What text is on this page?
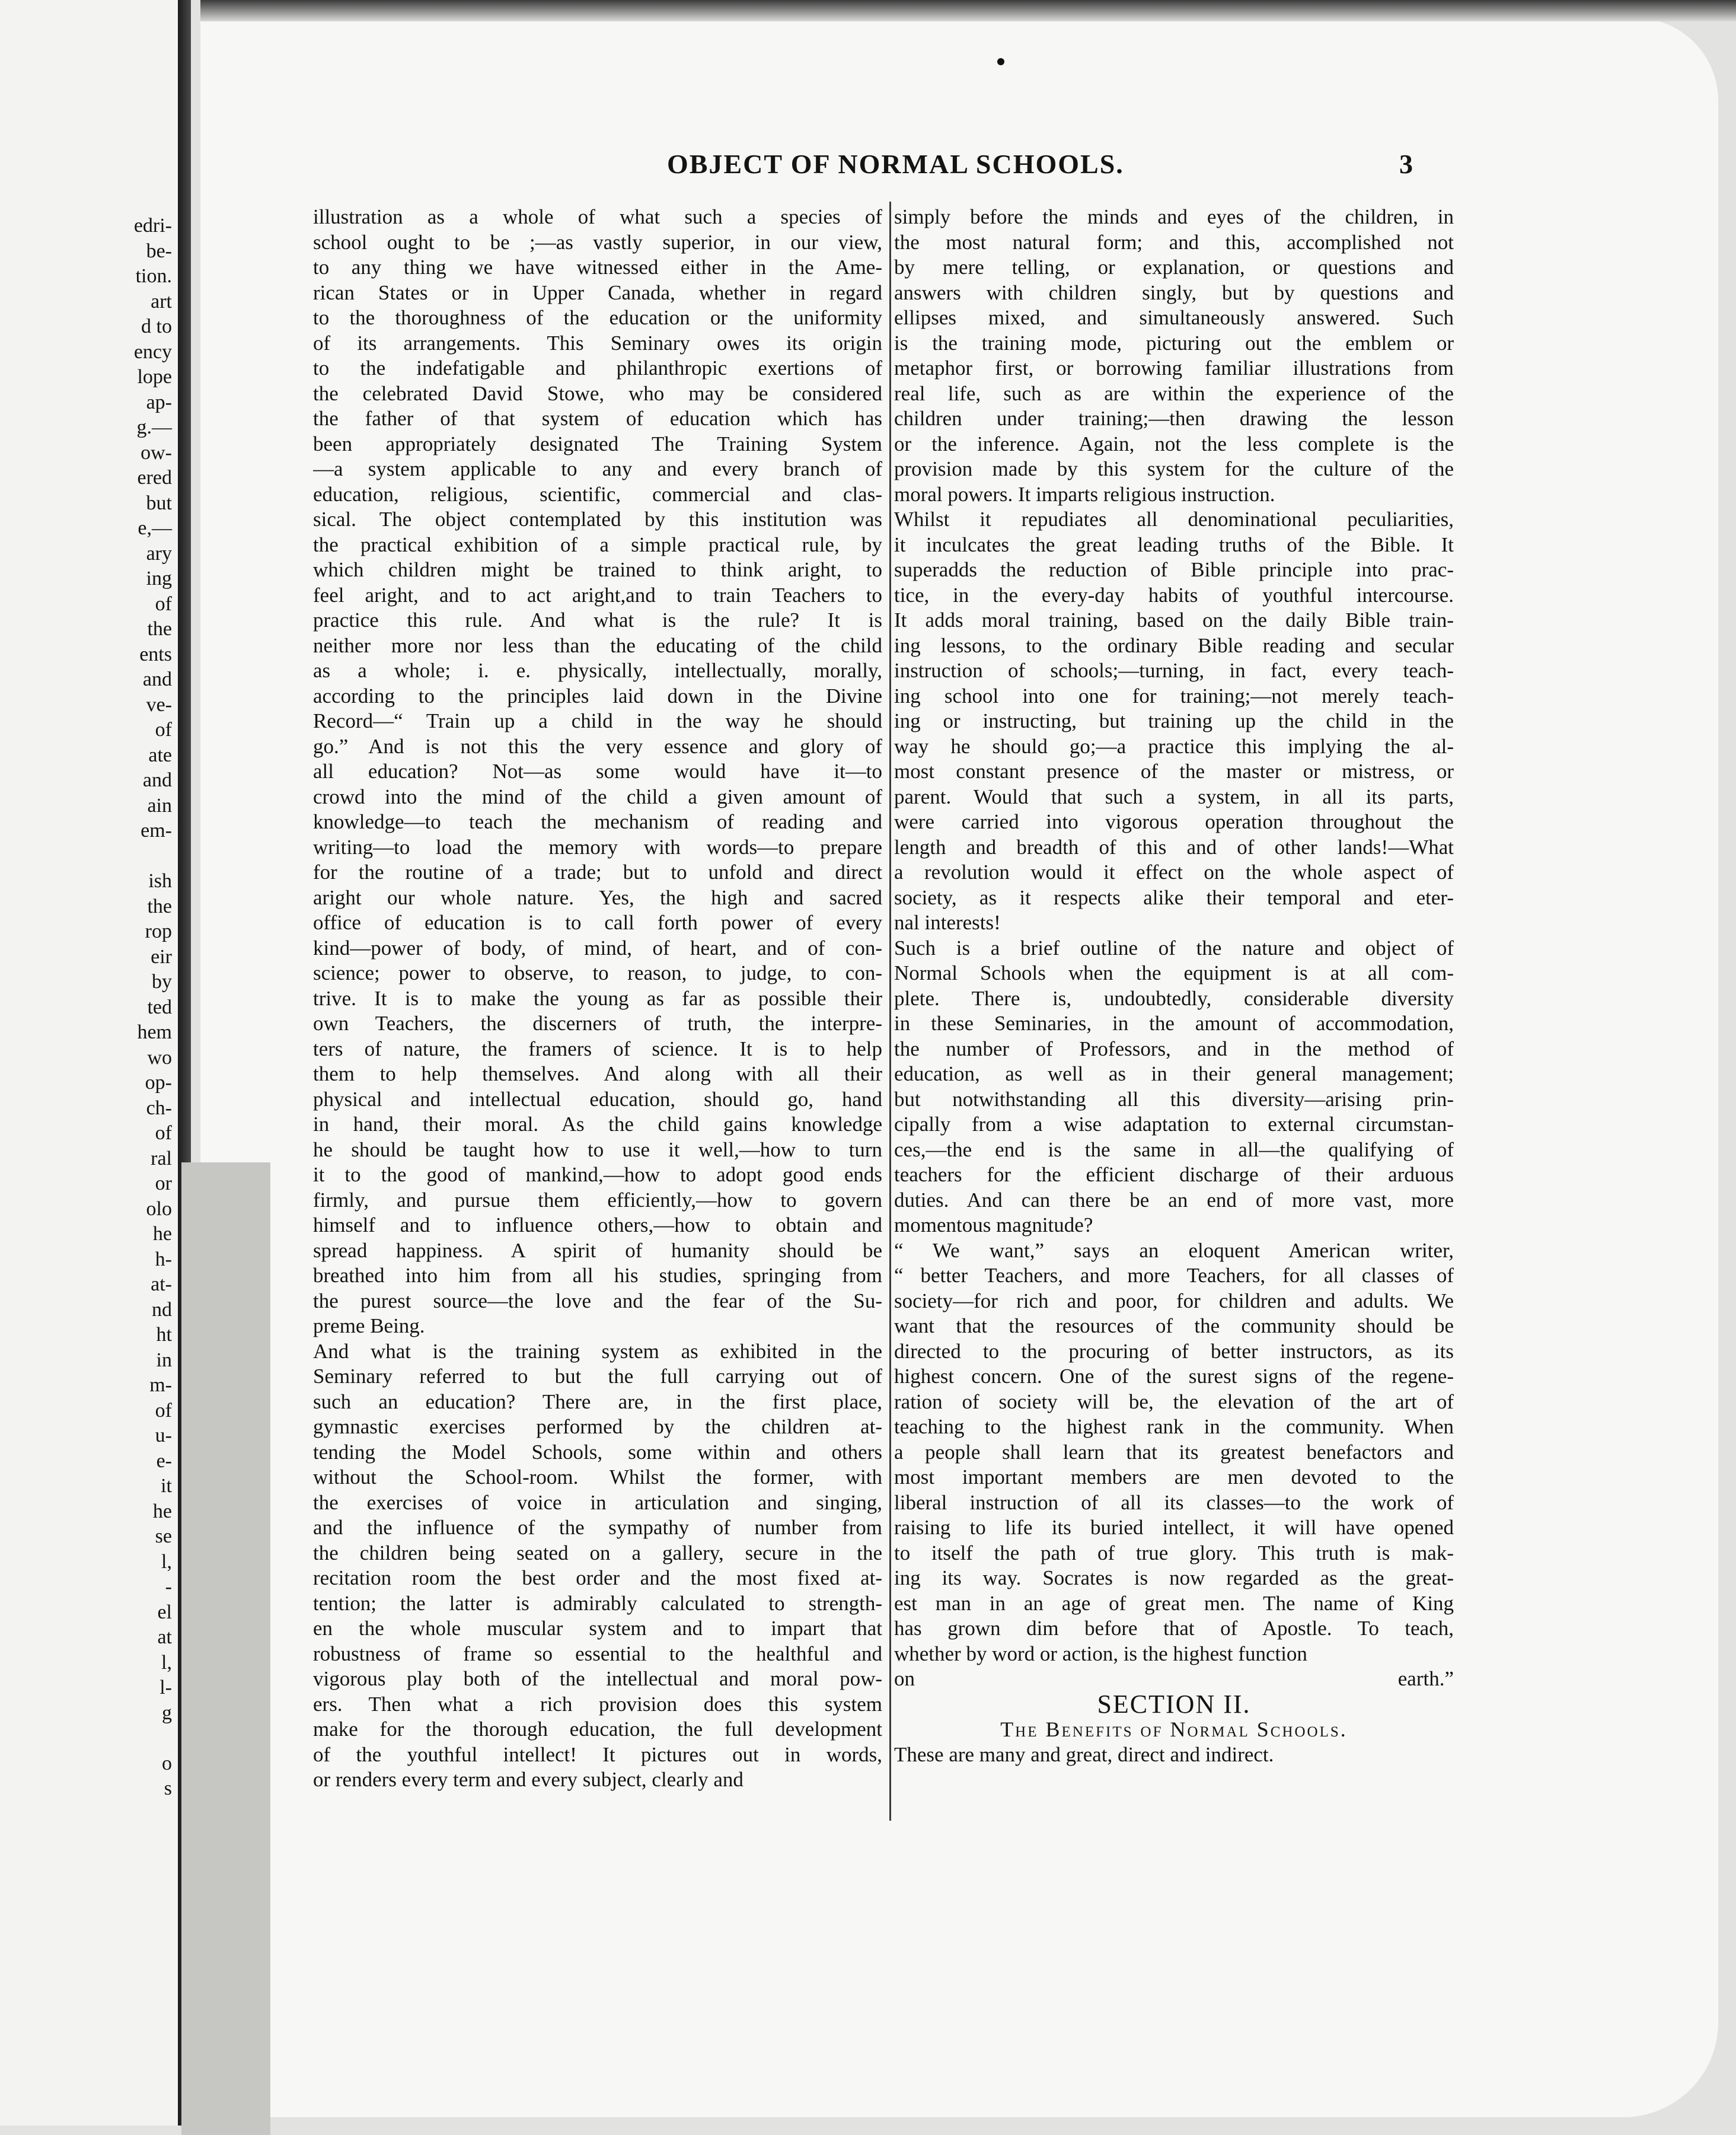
edri-
be-
tion.
art
d to
ency
lope
ap-
g.—
ow-
ered
but
e,—
ary
ing
of
the
ents
and
ve-
of
ate
and
ain
em-
ish
the
rop
eir
by
ted
hem
wo
op-
ch-
of
ral
or
olo
he
h-
at-
nd
ht
in
m-
of
u-
e-
it
he
se
l,
-
el
at
l,
l-
g
o
s
OBJECT OF NORMAL SCHOOLS.	3
illustration as a whole of what such a species of
school ought to be ;—as vastly superior, in our view,
to any thing we have witnessed either in the Ame-
rican States or in Upper Canada, whether in regard
to the thoroughness of the education or the uniformity
of its arrangements. This Seminary owes its origin
to the indefatigable and philanthropic exertions of
the celebrated David Stowe, who may be considered
the father of that system of education which has
been appropriately designated The Training System
—a system applicable to any and every branch of
education, religious, scientific, commercial and clas-
sical. The object contemplated by this institution was
the practical exhibition of a simple practical rule, by
which children might be trained to think aright, to
feel aright, and to act aright,and to train Teachers to
practice this rule. And what is the rule? It is
neither more nor less than the educating of the child
as a whole; i. e. physically, intellectually, morally,
according to the principles laid down in the Divine
Record—“ Train up a child in the way he should
go.” And is not this the very essence and glory of
all education? Not—as some would have it—to
crowd into the mind of the child a given amount of
knowledge—to teach the mechanism of reading and
writing—to load the memory with words—to prepare
for the routine of a trade; but to unfold and direct
aright our whole nature. Yes, the high and sacred
office of education is to call forth power of every
kind—power of body, of mind, of heart, and of con-
science; power to observe, to reason, to judge, to con-
trive. It is to make the young as far as possible their
own Teachers, the discerners of truth, the interpre-
ters of nature, the framers of science. It is to help
them to help themselves. And along with all their
physical and intellectual education, should go, hand
in hand, their moral. As the child gains knowledge
he should be taught how to use it well,—how to turn
it to the good of mankind,—how to adopt good ends
firmly, and pursue them efficiently,—how to govern
himself and to influence others,—how to obtain and
spread happiness. A spirit of humanity should be
breathed into him from all his studies, springing from
the purest source—the love and the fear of the Su-
preme Being.
And what is the training system as exhibited in the
Seminary referred to but the full carrying out of
such an education? There are, in the first place,
gymnastic exercises performed by the children at-
tending the Model Schools, some within and others
without the School-room. Whilst the former, with
the exercises of voice in articulation and singing,
and the influence of the sympathy of number from
the children being seated on a gallery, secure in the
recitation room the best order and the most fixed at-
tention; the latter is admirably calculated to strength-
en the whole muscular system and to impart that
robustness of frame so essential to the healthful and
vigorous play both of the intellectual and moral pow-
ers. Then what a rich provision does this system
make for the thorough education, the full development
of the youthful intellect! It pictures out in words,
or renders every term and every subject, clearly and
simply before the minds and eyes of the children, in
the most natural form; and this, accomplished not
by mere telling, or explanation, or questions and
answers with children singly, but by questions and
ellipses mixed, and simultaneously answered. Such
is the training mode, picturing out the emblem or
metaphor first, or borrowing familiar illustrations from
real life, such as are within the experience of the
children under training;—then drawing the lesson
or the inference. Again, not the less complete is the
provision made by this system for the culture of the
moral powers. It imparts religious instruction.
Whilst it repudiates all denominational peculiarities,
it inculcates the great leading truths of the Bible. It
superadds the reduction of Bible principle into prac-
tice, in the every-day habits of youthful intercourse.
It adds moral training, based on the daily Bible train-
ing lessons, to the ordinary Bible reading and secular
instruction of schools;—turning, in fact, every teach-
ing school into one for training;—not merely teach-
ing or instructing, but training up the child in the
way he should go;—a practice this implying the al-
most constant presence of the master or mistress, or
parent. Would that such a system, in all its parts,
were carried into vigorous operation throughout the
length and breadth of this and of other lands!—What
a revolution would it effect on the whole aspect of
society, as it respects alike their temporal and eter-
nal interests!
Such is a brief outline of the nature and object of
Normal Schools when the equipment is at all com-
plete. There is, undoubtedly, considerable diversity
in these Seminaries, in the amount of accommodation,
the number of Professors, and in the method of
education, as well as in their general management;
but notwithstanding all this diversity—arising prin-
cipally from a wise adaptation to external circumstan-
ces,—the end is the same in all—the qualifying of
teachers for the efficient discharge of their arduous
duties. And can there be an end of more vast, more
momentous magnitude?
“ We want,” says an eloquent American writer,
“ better Teachers, and more Teachers, for all classes of
society—for rich and poor, for children and adults. We
want that the resources of the community should be
directed to the procuring of better instructors, as its
highest concern. One of the surest signs of the regene-
ration of society will be, the elevation of the art of
teaching to the highest rank in the community. When
a people shall learn that its greatest benefactors and
most important members are men devoted to the
liberal instruction of all its classes—to the work of
raising to life its buried intellect, it will have opened
to itself the path of true glory. This truth is mak-
ing its way. Socrates is now regarded as the great-
est man in an age of great men. The name of King
has grown dim before that of Apostle. To teach,
whether by word or action, is the highest function
on earth.”
SECTION II.
The Benefits of Normal Schools.
These are many and great, direct and indirect.
